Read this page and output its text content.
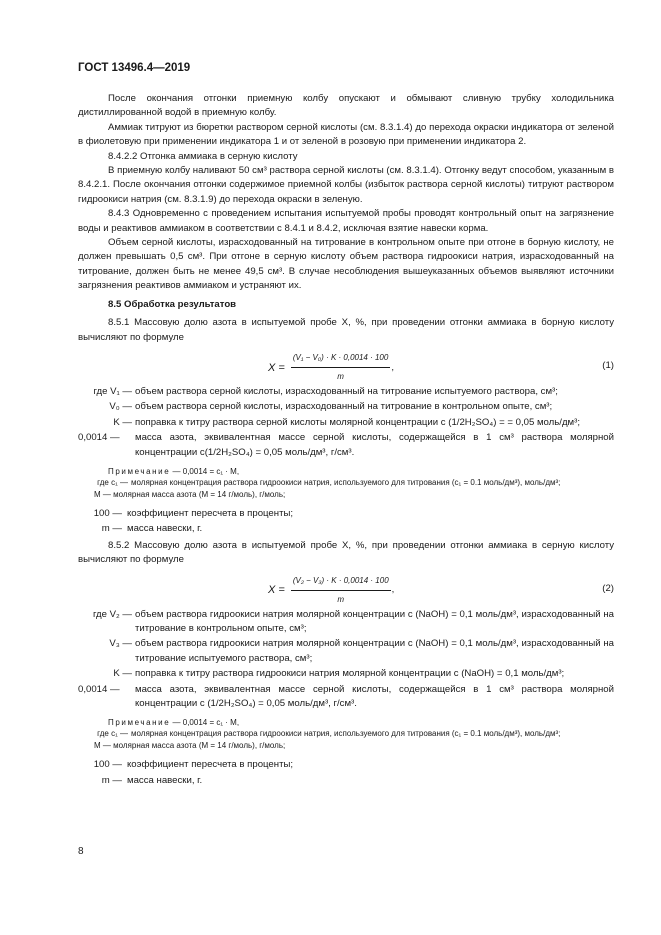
ГОСТ 13496.4—2019

После окончания отгонки приемную колбу опускают и обмывают сливную трубку холодильника дистиллированной водой в приемную колбу.

Аммиак титруют из бюретки раствором серной кислоты (см. 8.3.1.4) до перехода окраски индикатора от зеленой в фиолетовую при применении индикатора 1 и от зеленой в розовую при применении индикатора 2.

8.4.2.2 Отгонка аммиака в серную кислоту

В приемную колбу наливают 50 см³ раствора серной кислоты (см. 8.3.1.4). Отгонку ведут способом, указанным в 8.4.2.1. После окончания отгонки содержимое приемной колбы (избыток раствора серной кислоты) титруют раствором гидроокиси натрия (см. 8.3.1.9) до перехода окраски в зеленую.

8.4.3 Одновременно с проведением испытания испытуемой пробы проводят контрольный опыт на загрязнение воды и реактивов аммиаком в соответствии с 8.4.1 и 8.4.2, исключая взятие навески корма.

Объем серной кислоты, израсходованный на титрование в контрольном опыте при отгоне в борную кислоту, не должен превышать 0,5 см³. При отгоне в серную кислоту объем раствора гидроокиси натрия, израсходованный на титрование, должен быть не менее 49,5 см³. В случае несоблюдения вышеуказанных объемов выявляют источники загрязнения реактивов аммиаком и устраняют их.

8.5 Обработка результатов

8.5.1 Массовую долю азота в испытуемой пробе X, %, при проведении отгонки аммиака в борную кислоту вычисляют по формуле

$X = \frac{\text{(V₁ − V₀) · K · 0,0014 · 100}}{m}$ ,	(1)
где V₁ — объем раствора серной кислоты, израсходованный на титрование испытуемого раствора, см³;
V₀ — объем раствора серной кислоты, израсходованный на титрование в контрольном опыте, см³;
K — поправка к титру раствора серной кислоты молярной концентрации c (1/2H₂SO₄) = = 0,05 моль/дм³;
0,0014 —	масса азота, эквивалентная массе серной кислоты, содержащейся в 1 см³ раствора молярной концентрации c(1/2H₂SO₄) = 0,05 моль/дм³, г/см³.
Примечание — 0,0014 = c₁ · M,
где c₁ — молярная концентрация раствора гидроокиси натрия, используемого для титрования (c₁ = 0.1 моль/дм³), моль/дм³;
M — молярная масса азота (M = 14 г/моль), г/моль;
100 — коэффициент пересчета в проценты;
m — масса навески, г.

8.5.2 Массовую долю азота в испытуемой пробе X, %, при проведении отгонки аммиака в серную кислоту вычисляют по формуле

$X = \frac{\text{(V₂ − V₃) · K · 0,0014 · 100}}{m}$ ,	(2)
где V₂ — объем раствора гидроокиси натрия молярной концентрации c (NaOH) = 0,1 моль/дм³, израсходованный на титрование в контрольном опыте, см³;
V₃ — объем раствора гидроокиси натрия молярной концентрации c (NaOH) = 0,1 моль/дм³, израсходованный на титрование испытуемого раствора, см³;
K — поправка к титру раствора гидроокиси натрия молярной концентрации c (NaOH) = 0,1 моль/дм³;
0,0014 —	масса азота, эквивалентная массе серной кислоты, содержащейся в 1 см³ раствора молярной концентрации c (1/2H₂SO₄) = 0,05 моль/дм³, г/см³.
Примечание — 0,0014 = c₁ · M,
где c₁ — молярная концентрация раствора гидроокиси натрия, используемого для титрования (c₁ = 0.1 моль/дм³), моль/дм³;
M — молярная масса азота (M = 14 г/моль), г/моль;
100 — коэффициент пересчета в проценты;
m — масса навески, г.
8
